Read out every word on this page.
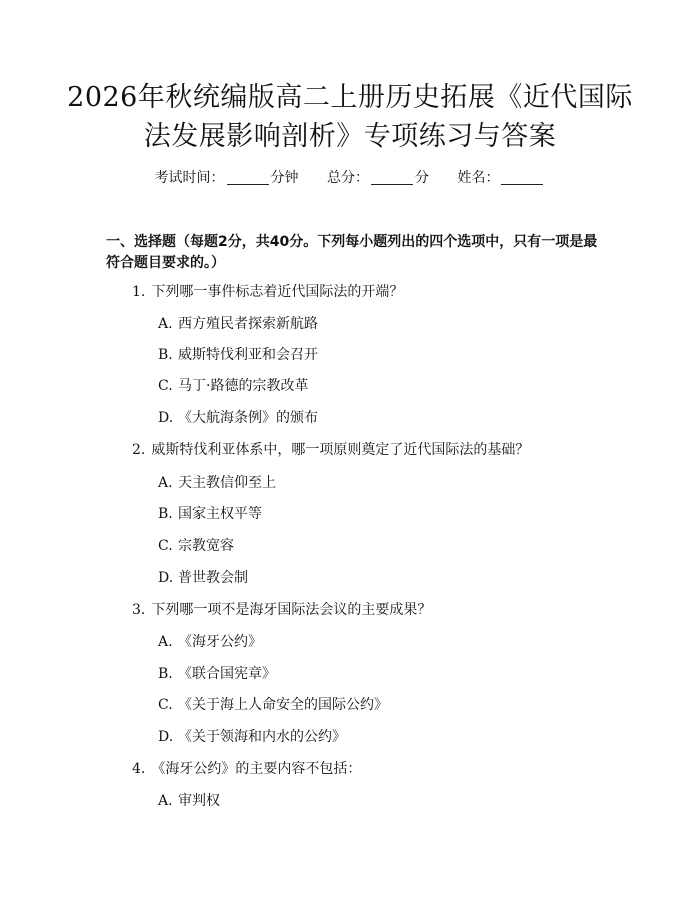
2026年秋统编版高二上册历史拓展《近代国际法发展影响剖析》专项练习与答案
考试时间：	分钟 总分：	分 姓名：
一、选择题（每题2分，共40分。下列每小题列出的四个选项中，只有一项是最符合题目要求的。）
1. 下列哪一事件标志着近代国际法的开端？
A. 西方殖民者探索新航路
B. 威斯特伐利亚和会召开
C. 马丁·路德的宗教改革
D. 《大航海条例》的颁布
2. 威斯特伐利亚体系中，哪一项原则奠定了近代国际法的基础？
A. 天主教信仰至上
B. 国家主权平等
C. 宗教宽容
D. 普世教会制
3. 下列哪一项不是海牙国际法会议的主要成果？
A. 《海牙公约》
B. 《联合国宪章》
C. 《关于海上人命安全的国际公约》
D. 《关于领海和内水的公约》
4. 《海牙公约》的主要内容不包括：
A. 审判权
